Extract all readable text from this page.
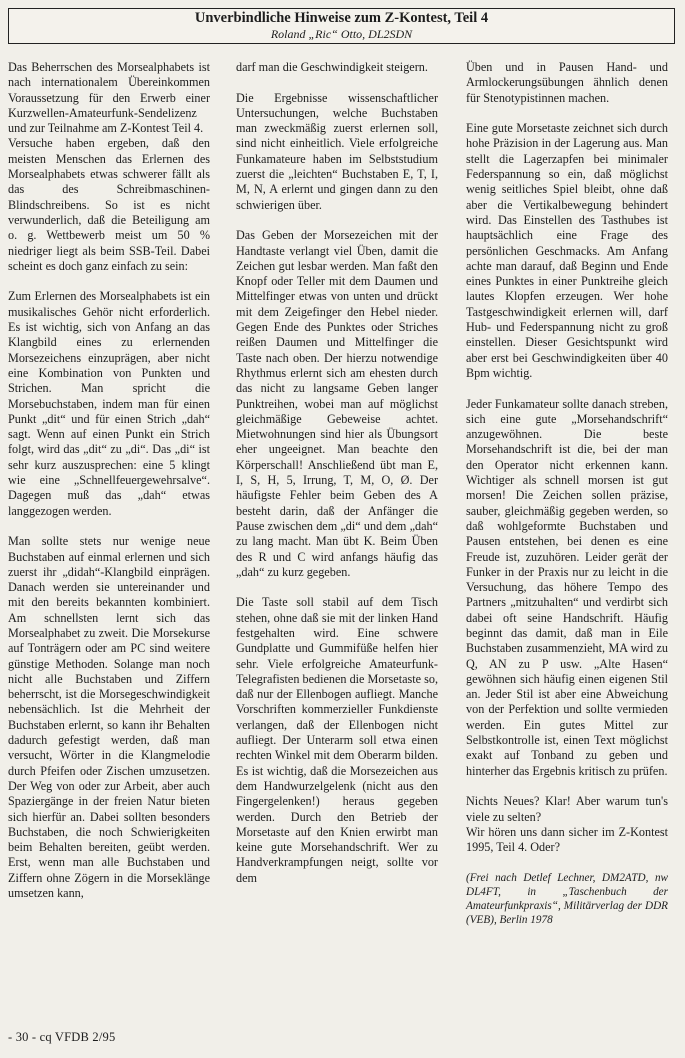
Unverbindliche Hinweise zum Z-Kontest, Teil 4
Roland „Ric“ Otto, DL2SDN

Das Beherrschen des Morsealphabets ist nach internationalem Übereinkommen Voraussetzung für den Erwerb einer Kurzwellen-Amateurfunk-Sendelizenz und zur Teilnahme am Z-Kontest Teil 4.

Versuche haben ergeben, daß den meisten Menschen das Erlernen des Morsealphabets etwas schwerer fällt als das des Schreibmaschinen-Blindschreibens. So ist es nicht verwunderlich, daß die Beteiligung am o. g. Wettbewerb meist um 50 % niedriger liegt als beim SSB-Teil. Dabei scheint es doch ganz einfach zu sein:

Zum Erlernen des Morsealphabets ist ein musikalisches Gehör nicht erforderlich. Es ist wichtig, sich von Anfang an das Klangbild eines zu erlernenden Morsezeichens einzuprägen, aber nicht eine Kombination von Punkten und Strichen. Man spricht die Morsebuchstaben, indem man für einen Punkt „dit“ und für einen Strich „dah“ sagt. Wenn auf einen Punkt ein Strich folgt, wird das „dit“ zu „di“. Das „di“ ist sehr kurz auszusprechen: eine 5 klingt wie eine „Schnellfeuergewehrsalve“. Dagegen muß das „dah“ etwas langgezogen werden.

Man sollte stets nur wenige neue Buchstaben auf einmal erlernen und sich zuerst ihr „didah“-Klangbild einprägen. Danach werden sie untereinander und mit den bereits bekannten kombiniert. Am schnellsten lernt sich das Morsealphabet zu zweit. Die Morsekurse auf Tonträgern oder am PC sind weitere günstige Methoden. Solange man noch nicht alle Buchstaben und Ziffern beherrscht, ist die Morsegeschwindigkeit nebensächlich. Ist die Mehrheit der Buchstaben erlernt, so kann ihr Behalten dadurch gefestigt werden, daß man versucht, Wörter in die Klangmelodie durch Pfeifen oder Zischen umzusetzen. Der Weg von oder zur Arbeit, aber auch Spaziergänge in der freien Natur bieten sich hierfür an. Dabei sollten besonders Buchstaben, die noch Schwierigkeiten beim Behalten bereiten, geübt werden. Erst, wenn man alle Buchstaben und Ziffern ohne Zögern in die Morseklänge umsetzen kann,

darf man die Geschwindigkeit steigern.

Die Ergebnisse wissenschaftlicher Untersuchungen, welche Buchstaben man zweckmäßig zuerst erlernen soll, sind nicht einheitlich. Viele erfolgreiche Funkamateure haben im Selbststudium zuerst die „leichten“ Buchstaben E, T, I, M, N, A erlernt und gingen dann zu den schwierigen über.

Das Geben der Morsezeichen mit der Handtaste verlangt viel Üben, damit die Zeichen gut lesbar werden. Man faßt den Knopf oder Teller mit dem Daumen und Mittelfinger etwas von unten und drückt mit dem Zeigefinger den Hebel nieder. Gegen Ende des Punktes oder Striches reißen Daumen und Mittelfinger die Taste nach oben. Der hierzu notwendige Rhythmus erlernt sich am ehesten durch das nicht zu langsame Geben langer Punktreihen, wobei man auf möglichst gleichmäßige Gebeweise achtet. Mietwohnungen sind hier als Übungsort eher ungeeignet. Man beachte den Körperschall! Anschließend übt man E, I, S, H, 5, Irrung, T, M, O, Ø. Der häufigste Fehler beim Geben des A besteht darin, daß der Anfänger die Pause zwischen dem „di“ und dem „dah“ zu lang macht. Man übt K. Beim Üben des R und C wird anfangs häufig das „dah“ zu kurz gegeben.

Die Taste soll stabil auf dem Tisch stehen, ohne daß sie mit der linken Hand festgehalten wird. Eine schwere Gundplatte und Gummifüße helfen hier sehr. Viele erfolgreiche Amateurfunk-Telegrafisten bedienen die Morsetaste so, daß nur der Ellenbogen aufliegt. Manche Vorschriften kommerzieller Funkdienste verlangen, daß der Ellenbogen nicht aufliegt. Der Unterarm soll etwa einen rechten Winkel mit dem Oberarm bilden. Es ist wichtig, daß die Morsezeichen aus dem Handwurzelgelenk (nicht aus den Fingergelenken!) heraus gegeben werden. Durch den Betrieb der Morsetaste auf den Knien erwirbt man keine gute Morsehandschrift. Wer zu Handverkrampfungen neigt, sollte vor dem

Üben und in Pausen Hand- und Armlockerungsübungen ähnlich denen für Stenotypistinnen machen.

Eine gute Morsetaste zeichnet sich durch hohe Präzision in der Lagerung aus. Man stellt die Lagerzapfen bei minimaler Federspannung so ein, daß möglichst wenig seitliches Spiel bleibt, ohne daß aber die Vertikalbewegung behindert wird. Das Einstellen des Tasthubes ist hauptsächlich eine Frage des persönlichen Geschmacks. Am Anfang achte man darauf, daß Beginn und Ende eines Punktes in einer Punktreihe gleich lautes Klopfen erzeugen. Wer hohe Tastgeschwindigkeit erlernen will, darf Hub- und Federspannung nicht zu groß einstellen. Dieser Gesichtspunkt wird aber erst bei Geschwindigkeiten über 40 Bpm wichtig.

Jeder Funkamateur sollte danach streben, sich eine gute „Morsehandschrift“ anzugewöhnen. Die beste Morsehandschrift ist die, bei der man den Operator nicht erkennen kann. Wichtiger als schnell morsen ist gut morsen! Die Zeichen sollen präzise, sauber, gleichmäßig gegeben werden, so daß wohlgeformte Buchstaben und Pausen entstehen, bei denen es eine Freude ist, zuzuhören. Leider gerät der Funker in der Praxis nur zu leicht in die Versuchung, das höhere Tempo des Partners „mitzuhalten“ und verdirbt sich dabei oft seine Handschrift. Häufig beginnt das damit, daß man in Eile Buchstaben zusammenzieht, MA wird zu Q, AN zu P usw. „Alte Hasen“ gewöhnen sich häufig einen eigenen Stil an. Jeder Stil ist aber eine Abweichung von der Perfektion und sollte vermieden werden. Ein gutes Mittel zur Selbstkontrolle ist, einen Text möglichst exakt auf Tonband zu geben und hinterher das Ergebnis kritisch zu prüfen.

Nichts Neues? Klar! Aber warum tun's viele zu selten?

Wir hören uns dann sicher im Z-Kontest 1995, Teil 4. Oder?

(Frei nach Detlef Lechner, DM2ATD, nw DL4FT, in „Taschenbuch der Amateurfunkpraxis“, Militärverlag der DDR (VEB), Berlin 1978
- 30 - cq VFDB 2/95
